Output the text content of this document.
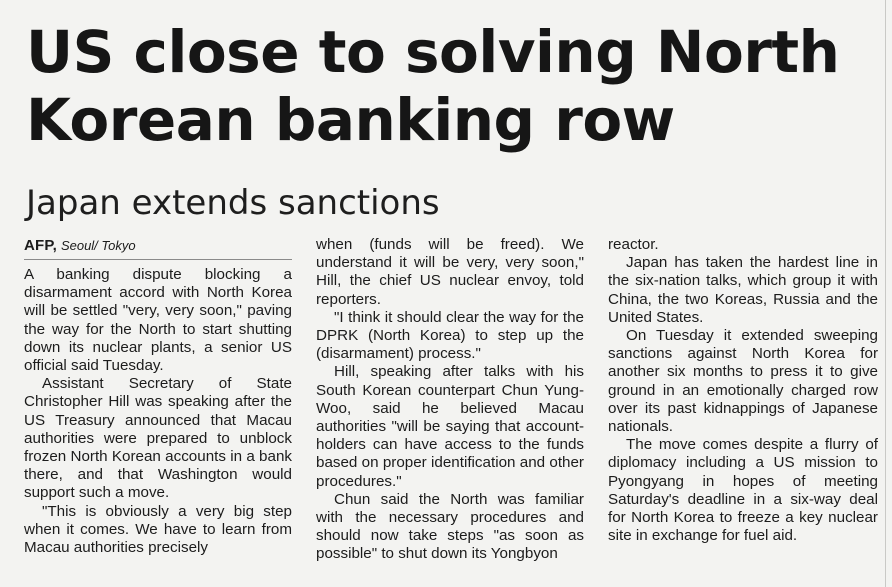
US close to solving North Korean banking row
Japan extends sanctions
AFP, Seoul/ Tokyo

A banking dispute blocking a disarmament accord with North Korea will be settled "very, very soon," paving the way for the North to start shutting down its nuclear plants, a senior US official said Tuesday.

Assistant Secretary of State Christopher Hill was speaking after the US Treasury announced that Macau authorities were prepared to unblock frozen North Korean accounts in a bank there, and that Washington would support such a move.

"This is obviously a very big step when it comes. We have to learn from Macau authorities precisely

when (funds will be freed). We understand it will be very, very soon," Hill, the chief US nuclear envoy, told reporters.

"I think it should clear the way for the DPRK (North Korea) to step up the (disarmament) process."

Hill, speaking after talks with his South Korean counterpart Chun Yung-Woo, said he believed Macau authorities "will be saying that account-holders can have access to the funds based on proper identification and other procedures."

Chun said the North was familiar with the necessary procedures and should now take steps "as soon as possible" to shut down its Yongbyon

reactor.

Japan has taken the hardest line in the six-nation talks, which group it with China, the two Koreas, Russia and the United States.

On Tuesday it extended sweeping sanctions against North Korea for another six months to press it to give ground in an emotionally charged row over its past kidnappings of Japanese nationals.

The move comes despite a flurry of diplomacy including a US mission to Pyongyang in hopes of meeting Saturday's deadline in a six-way deal for North Korea to freeze a key nuclear site in exchange for fuel aid.
